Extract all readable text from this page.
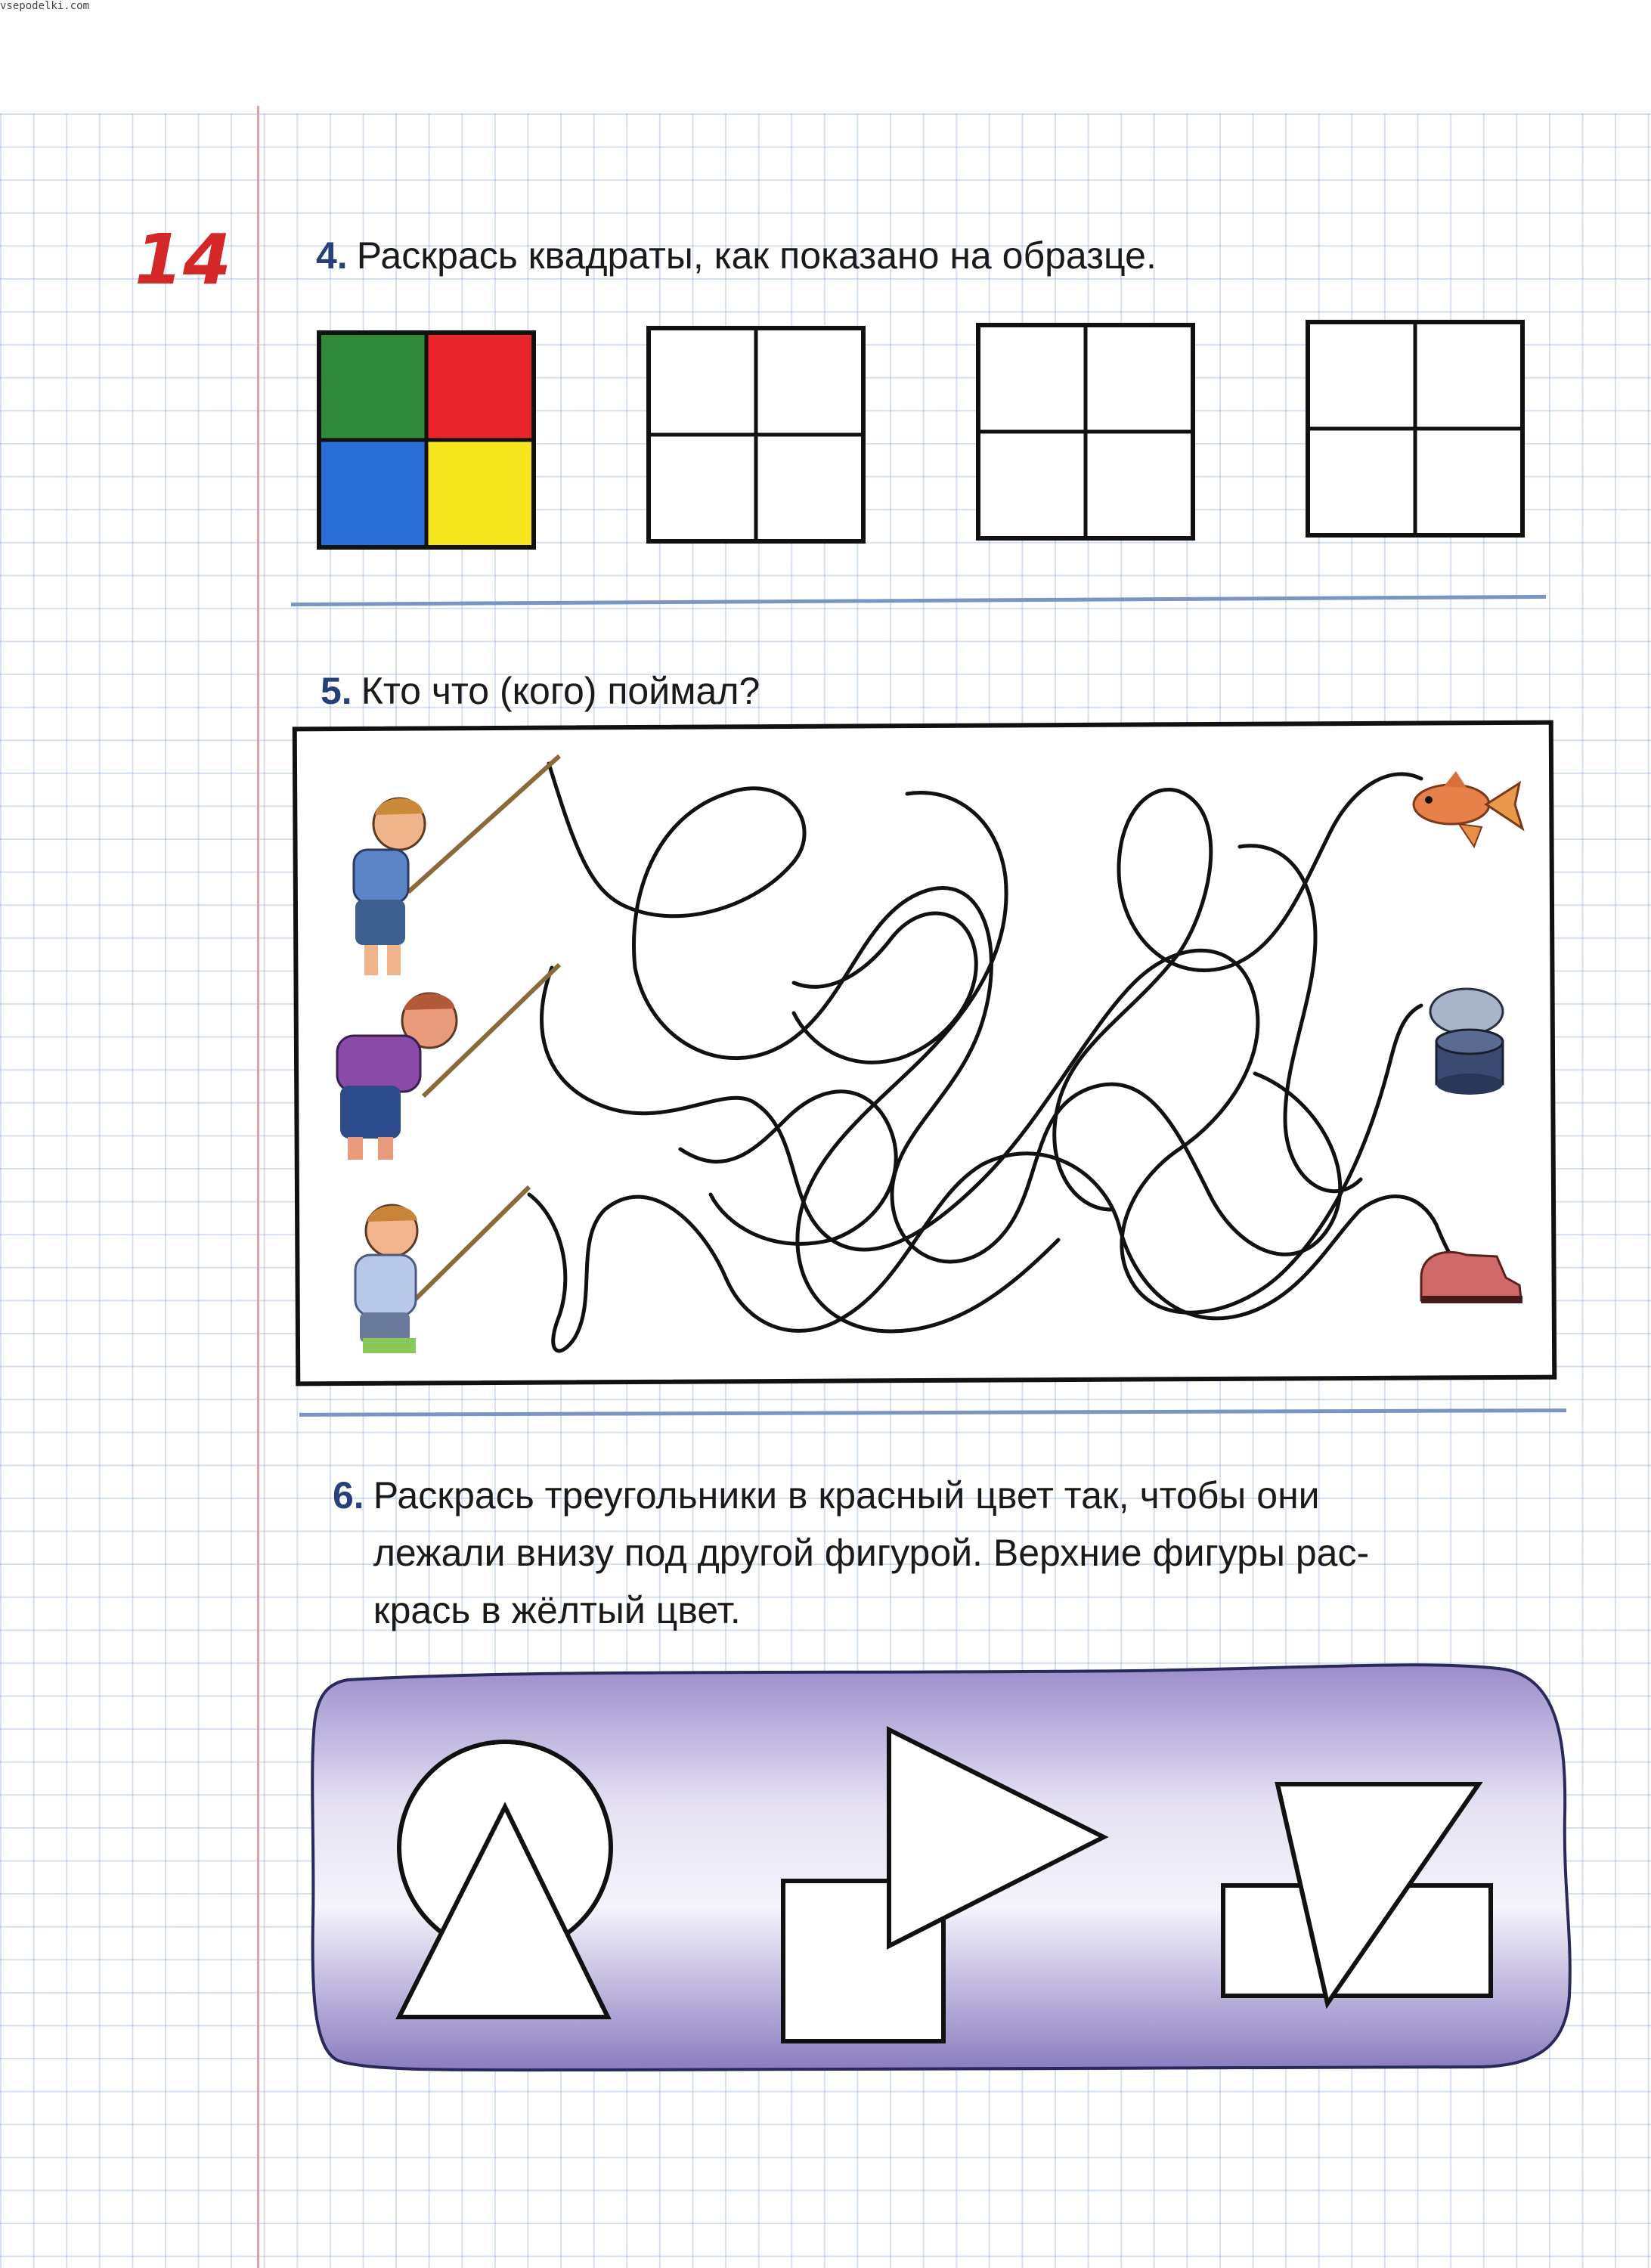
vsepodelki.com
14 4. Раскрась квадраты, как показано на образце.
5. Кто что (кого) поймал?
6. Раскрась треугольники в красный цвет так, чтобы они
лежали внизу под другой фигурой. Верхние фигуры рас-
крась в жёлтый цвет.
